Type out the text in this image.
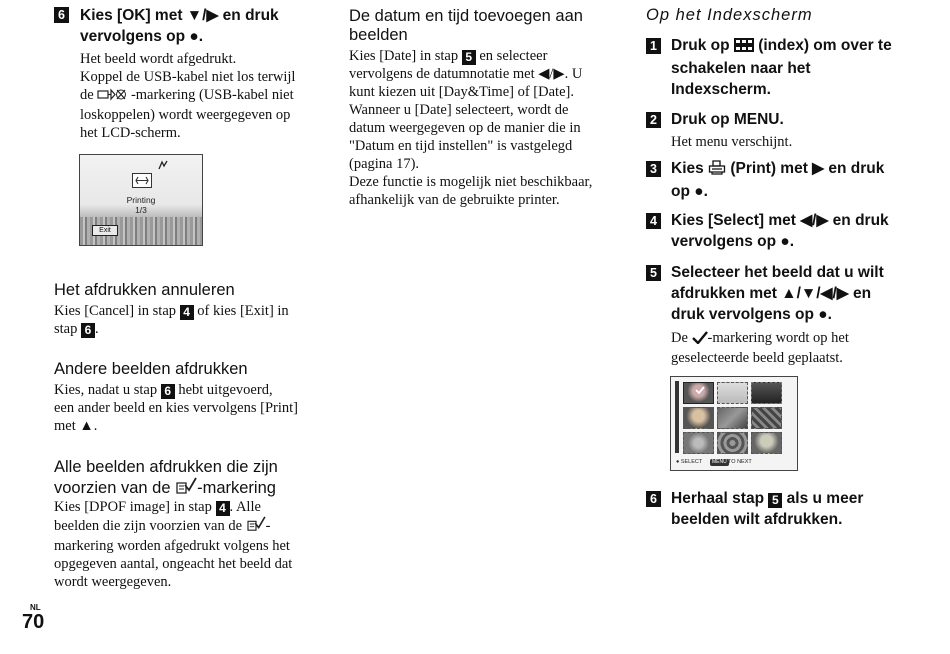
6 Kies [OK] met ▼/▶ en druk
vervolgens op ●.
Het beeld wordt afgedrukt.
Koppel de USB-kabel niet los terwijl
de	-markering (USB-kabel niet
loskoppelen) wordt weergegeven op
het LCD-scherm.
Printing
1/3
Exit
Het afdrukken annuleren
Kies [Cancel] in stap 4 of kies [Exit] in
stap 6 .
Andere beelden afdrukken
Kies, nadat u stap 6 hebt uitgevoerd,
een ander beeld en kies vervolgens [Print]
met ▲.
Alle beelden afdrukken die zijn
voorzien van de -markering
Kies [DPOF image] in stap 4 . Alle
beelden die zijn voorzien van de -
markering worden afgedrukt volgens het
opgegeven aantal, ongeacht het beeld dat
wordt weergegeven.
NL
70
De datum en tijd toevoegen aan
beelden
Kies [Date] in stap 5 en selecteer
vervolgens de datumnotatie met ◀/▶. U
kunt kiezen uit [Day&Time] of [Date].
Wanneer u [Date] selecteert, wordt de
datum weergegeven op de manier die in
"Datum en tijd instellen" is vastgelegd
(pagina 17).
Deze functie is mogelijk niet beschikbaar,
afhankelijk van de gebruikte printer.
Op het Indexscherm
1 Druk op (index) om over te
schakelen naar het
Indexscherm.
2 Druk op MENU.
Het menu verschijnt.
3 Kies (Print) met ▶ en druk
op ●.
4 Kies [Select] met ◀/▶ en druk
vervolgens op ●.
5 Selecteer het beeld dat u wilt
afdrukken met ▲/▼/◀/▶ en
druk vervolgens op ●.
De -markering wordt op het
geselecteerde beeld geplaatst.
● SELECT	MENU TO NEXT
6 Herhaal stap 5 als u meer
beelden wilt afdrukken.
